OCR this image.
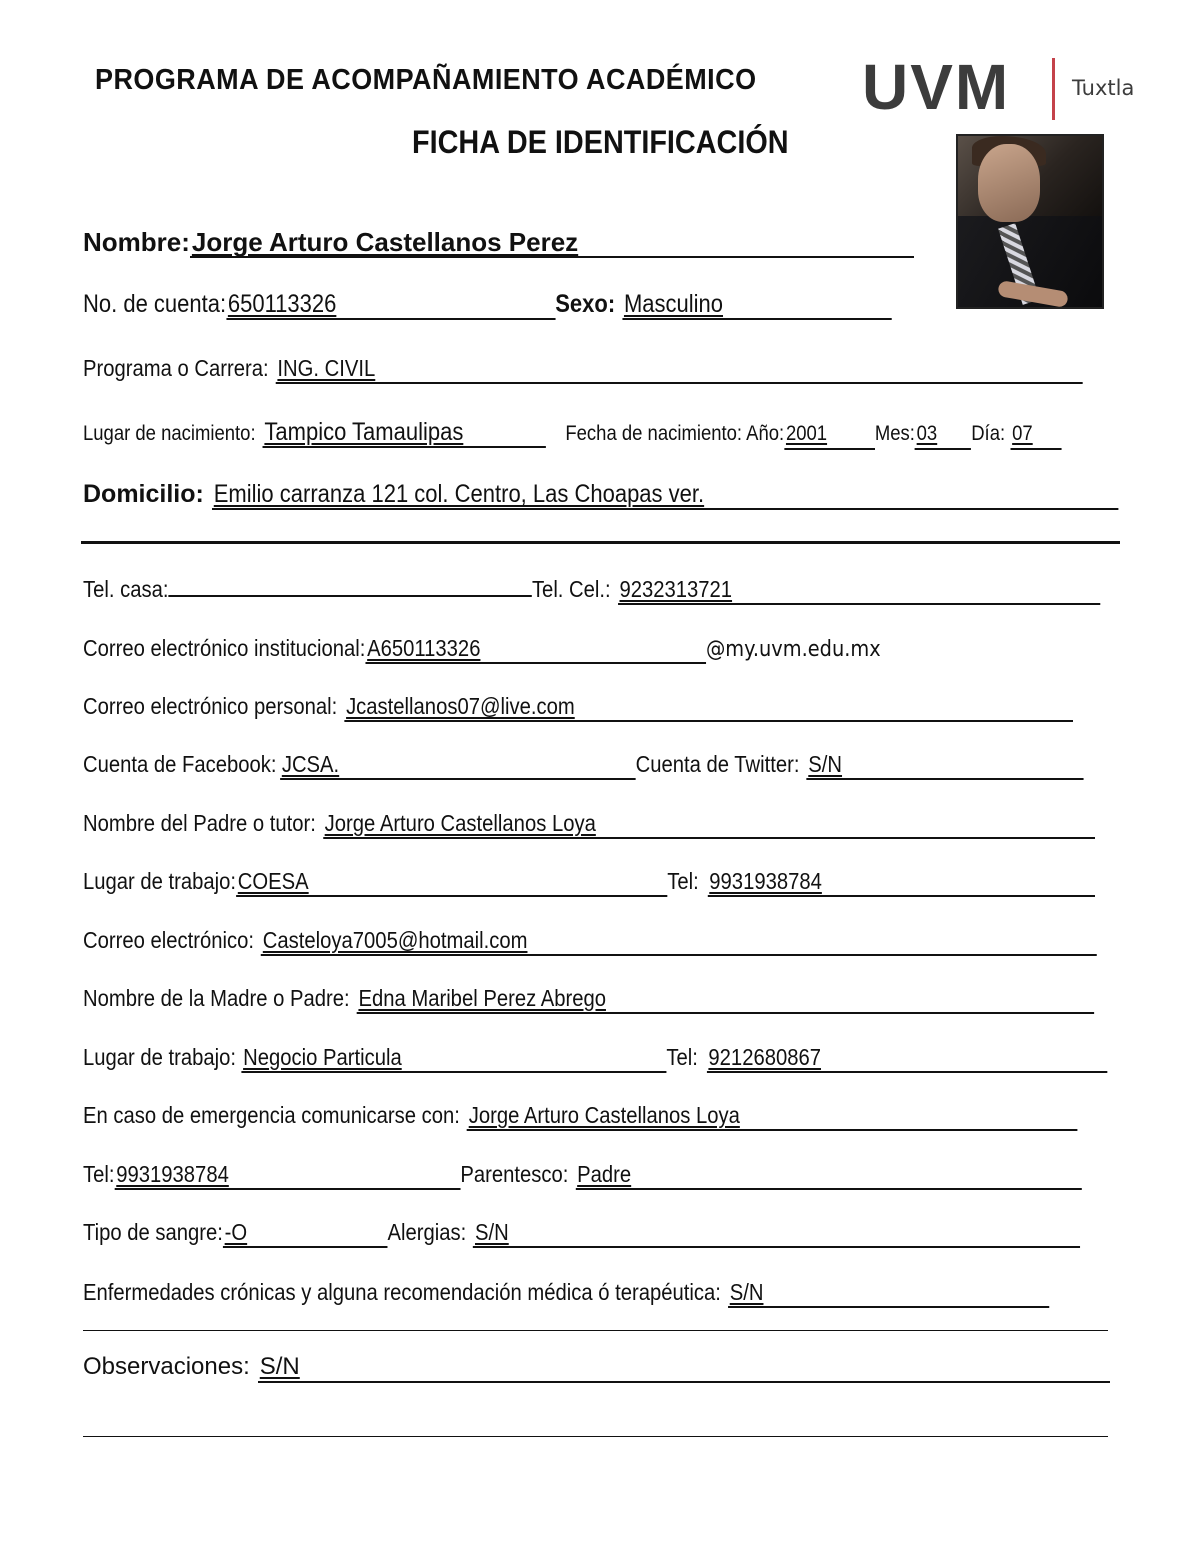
PROGRAMA DE ACOMPAÑAMIENTO ACADÉMICO
FICHA DE IDENTIFICACIÓN
UVM	Tuxtla
Nombre:Jorge Arturo Castellanos Perez
No. de cuenta:650113326	Sexo: Masculino
Programa o Carrera: ING. CIVIL
Lugar de nacimiento: Tampico Tamaulipas	Fecha de nacimiento: Año:2001 Mes:03 Día: 07
Domicilio: Emilio carranza 121 col. Centro, Las Choapas ver.
Tel. casa:	Tel. Cel.: 9232313721
Correo electrónico institucional:A650113326	@my.uvm.edu.mx
Correo electrónico personal: Jcastellanos07@live.com
Cuenta de Facebook: JCSA.	Cuenta de Twitter: S/N
Nombre del Padre o tutor: Jorge Arturo Castellanos Loya
Lugar de trabajo:COESA	Tel: 9931938784
Correo electrónico: Casteloya7005@hotmail.com
Nombre de la Madre o Padre: Edna Maribel Perez Abrego
Lugar de trabajo: Negocio Particula	Tel: 9212680867
En caso de emergencia comunicarse con: Jorge Arturo Castellanos Loya
Tel:9931938784	Parentesco: Padre
Tipo de sangre:-O	Alergias: S/N
Enfermedades crónicas y alguna recomendación médica ó terapéutica: S/N
Observaciones: S/N
